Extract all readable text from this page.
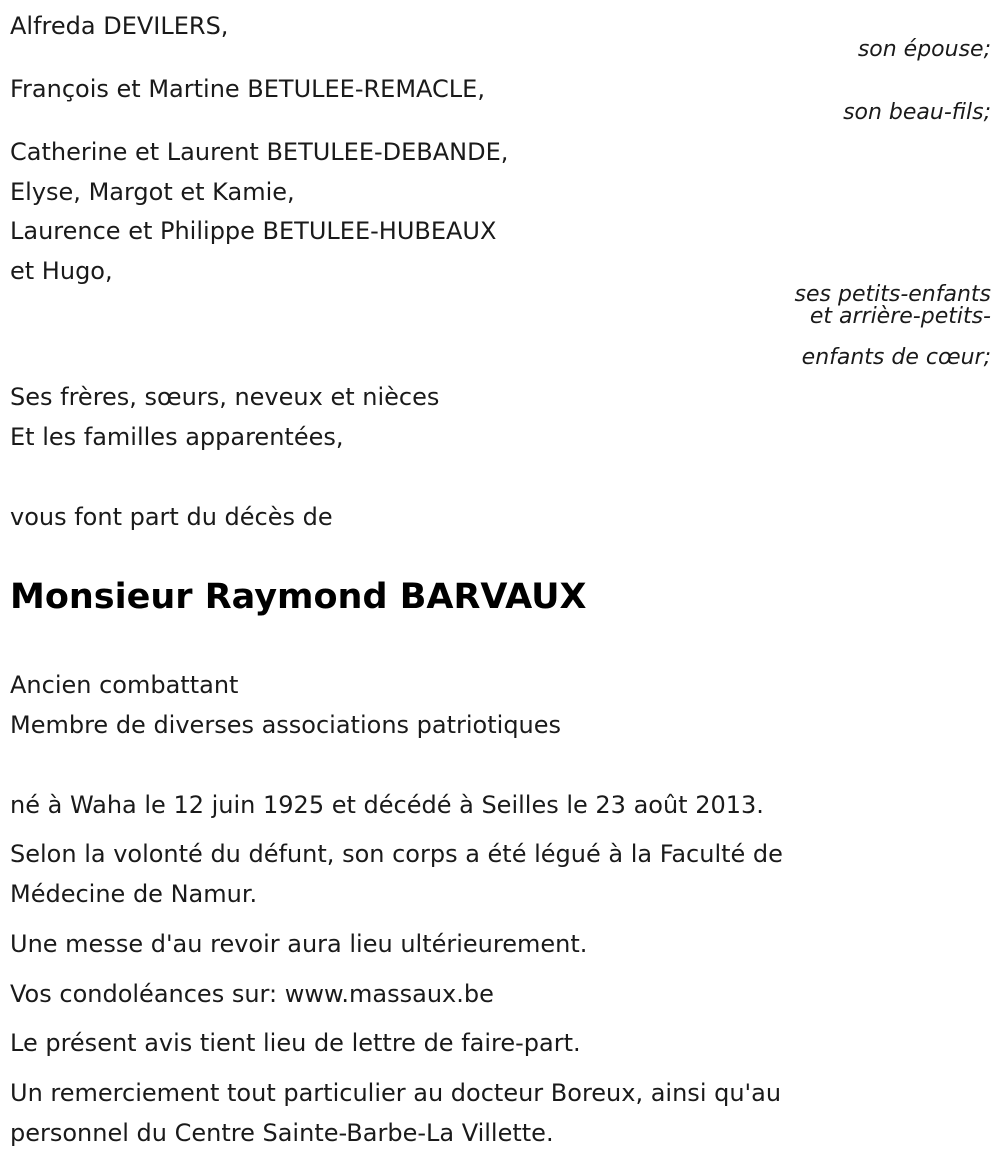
Alfreda DEVILERS,
son épouse;
François et Martine BETULEE-REMACLE,
son beau-fils;
Catherine et Laurent BETULEE-DEBANDE,
Elyse, Margot et Kamie,
Laurence et Philippe BETULEE-HUBEAUX
et Hugo,
ses petits-enfants
et arrière-petits-
enfants de cœur;
Ses frères, sœurs, neveux et nièces
Et les familles apparentées,
vous font part du décès de
Monsieur Raymond BARVAUX
Ancien combattant
Membre de diverses associations patriotiques
né à Waha le 12 juin 1925 et décédé à Seilles le 23 août 2013.
Selon la volonté du défunt, son corps a été légué à la Faculté de
Médecine de Namur.
Une messe d'au revoir aura lieu ultérieurement.
Vos condoléances sur: www.massaux.be
Le présent avis tient lieu de lettre de faire-part.
Un remerciement tout particulier au docteur Boreux, ainsi qu'au
personnel du Centre Sainte-Barbe-La Villette.
